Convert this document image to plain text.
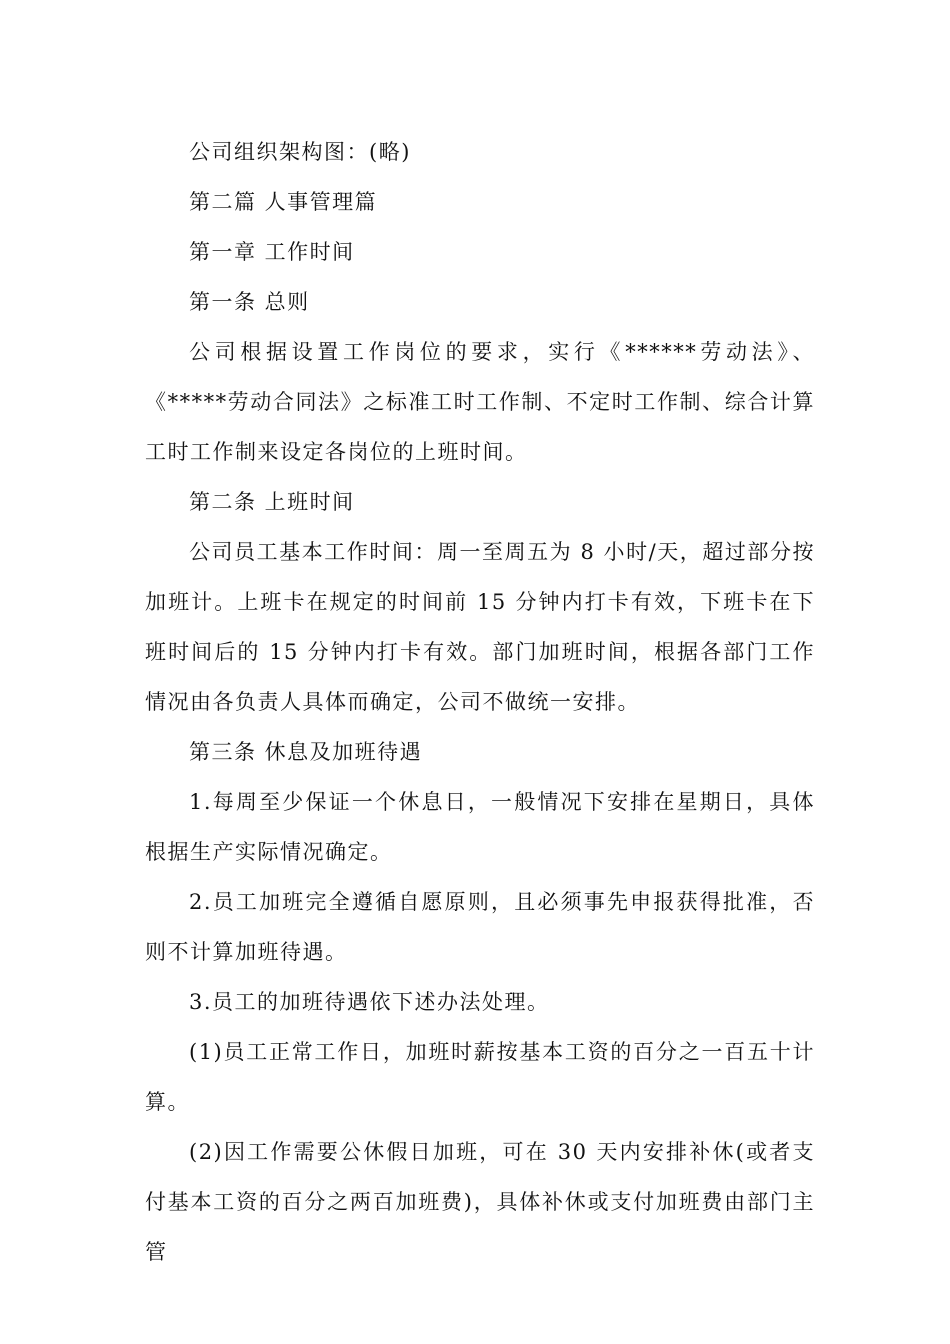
公司组织架构图：(略)

第二篇 人事管理篇

第一章 工作时间

第一条 总则

公司根据设置工作岗位的要求，实行《******劳动法》、《*****劳动合同法》之标准工时工作制、不定时工作制、综合计算工时工作制来设定各岗位的上班时间。

第二条 上班时间

公司员工基本工作时间：周一至周五为 8 小时/天，超过部分按加班计。上班卡在规定的时间前 15 分钟内打卡有效，下班卡在下班时间后的 15 分钟内打卡有效。部门加班时间，根据各部门工作情况由各负责人具体而确定，公司不做统一安排。

第三条 休息及加班待遇

1.每周至少保证一个休息日，一般情况下安排在星期日，具体根据生产实际情况确定。

2.员工加班完全遵循自愿原则，且必须事先申报获得批准，否则不计算加班待遇。

3.员工的加班待遇依下述办法处理。

(1)员工正常工作日，加班时薪按基本工资的百分之一百五十计算。

(2)因工作需要公休假日加班，可在 30 天内安排补休(或者支付基本工资的百分之两百加班费)，具体补休或支付加班费由部门主管
